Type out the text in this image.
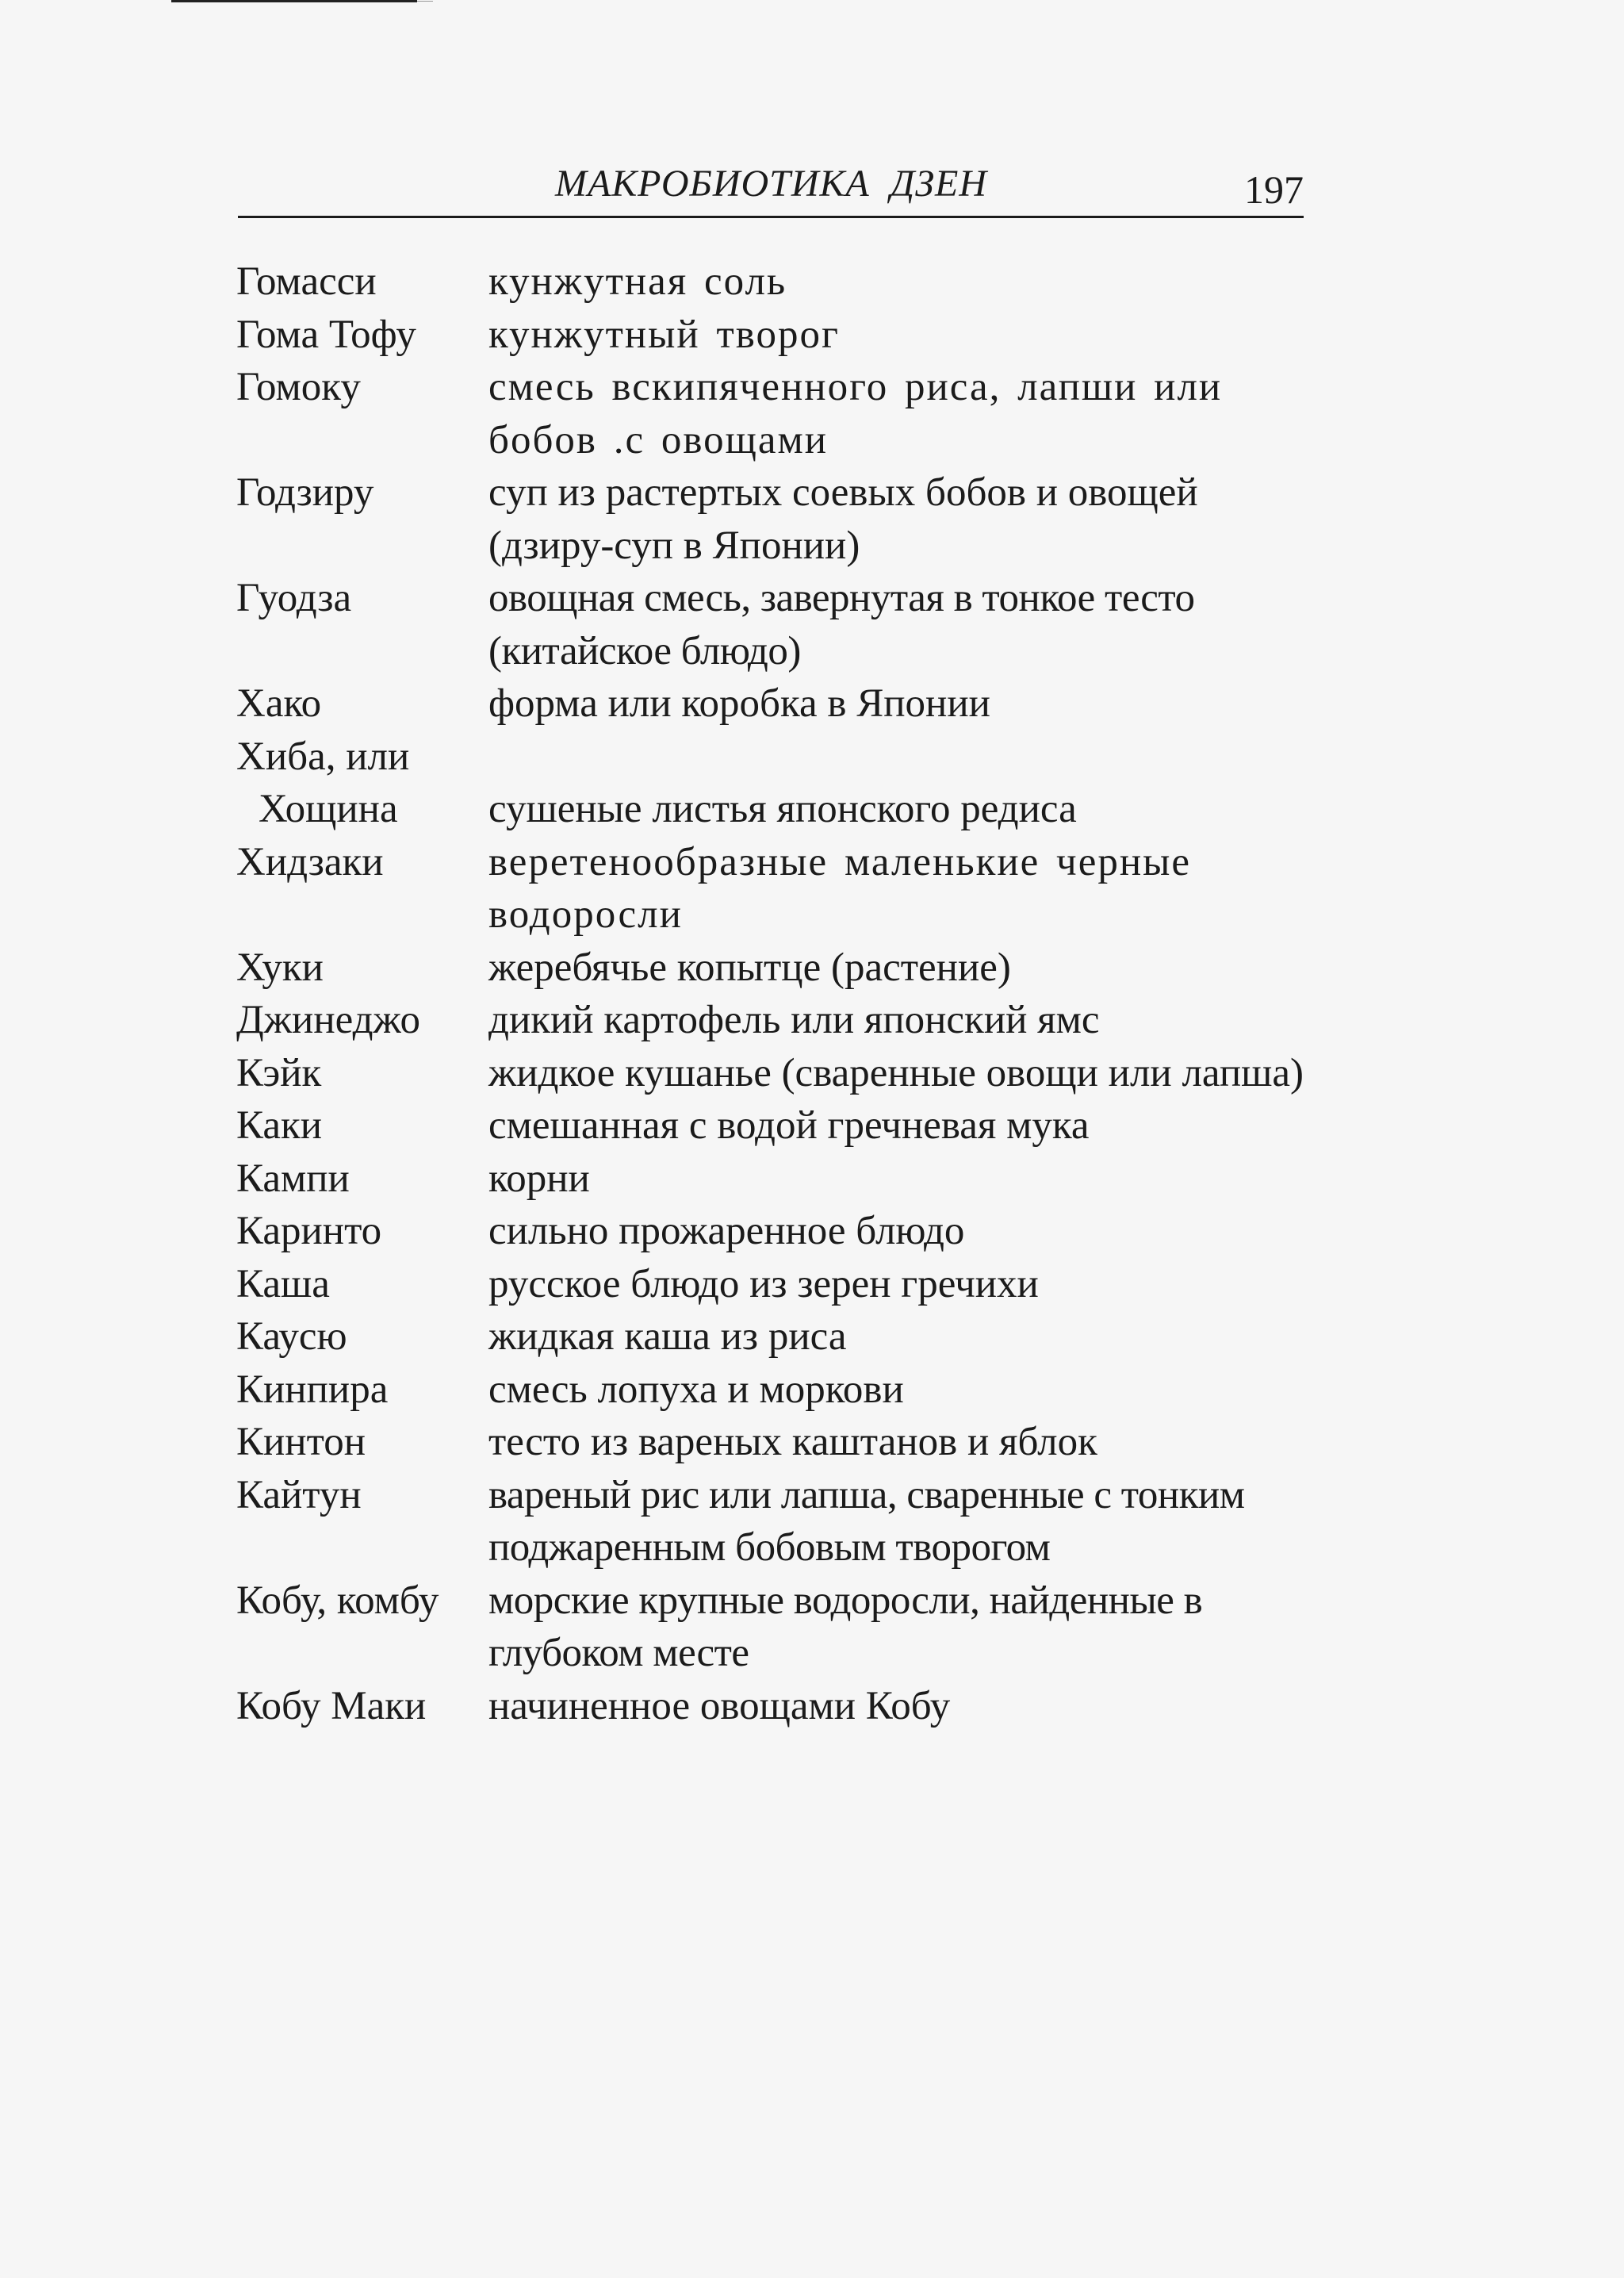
МАКРОБИОТИКА  ДЗЕН	197
Гомасси	кунжутная соль
Гома Тофу	кунжутный творог
Гомоку	смесь вскипяченного риса, лапши или бобов .с овощами
Годзиру	суп из растертых соевых бобов и овощей (дзиру-суп в Японии)
Гуодза	овощная смесь, завернутая в тонкое тесто (китайское блюдо)
Хако	форма или коробка в Японии
Хиба, или
Хощина	сушеные листья японского редиса
Хидзаки	веретенообразные маленькие черные водоросли
Хуки	жеребячье копытце (растение)
Джинеджо	дикий картофель или японский ямс
Кэйк	жидкое кушанье (сваренные овощи или лапша)
Каки	смешанная с водой гречневая мука
Кампи	корни
Каринто	сильно прожаренное блюдо
Каша	русское блюдо из зерен гречихи
Каусю	жидкая каша из риса
Кинпира	смесь лопуха и моркови
Кинтон	тесто из вареных каштанов и яблок
Кайтун	вареный рис или лапша, сваренные с тонким поджаренным бобовым творогом
Кобу, комбу	морские крупные водоросли, найденные в глубоком месте
Кобу Маки	начиненное овощами Кобу
